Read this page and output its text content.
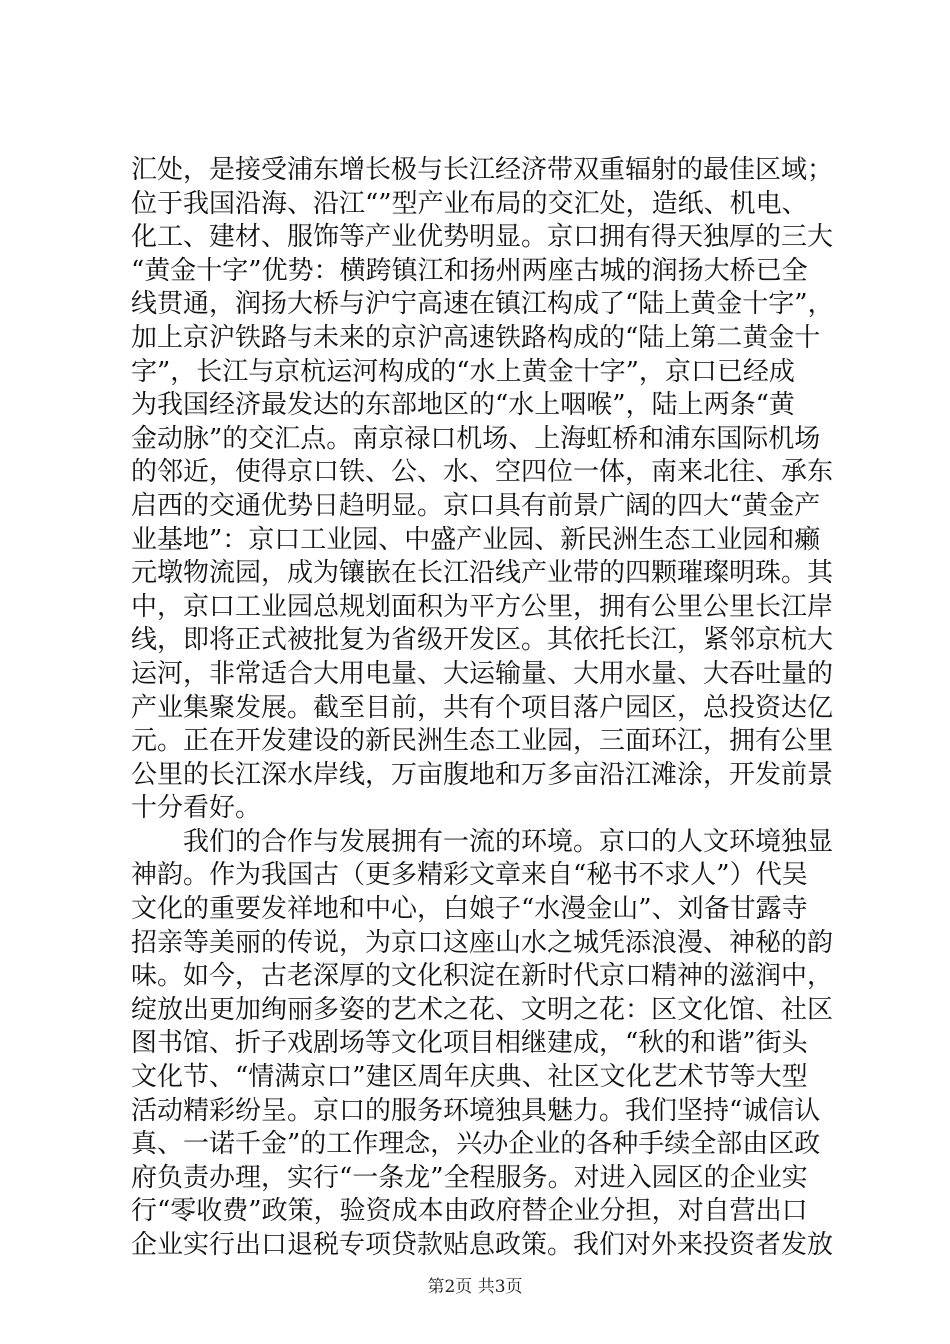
汇处，是接受浦东增长极与长江经济带双重辐射的最佳区域；
位于我国沿海、沿江“”型产业布局的交汇处，造纸、机电、
化工、建材、服饰等产业优势明显。京口拥有得天独厚的三大
“黄金十字”优势：横跨镇江和扬州两座古城的润扬大桥已全
线贯通，润扬大桥与沪宁高速在镇江构成了“陆上黄金十字”，
加上京沪铁路与未来的京沪高速铁路构成的“陆上第二黄金十
字”，长江与京杭运河构成的“水上黄金十字”，京口已经成
为我国经济最发达的东部地区的“水上咽喉”，陆上两条“黄
金动脉”的交汇点。南京禄口机场、上海虹桥和浦东国际机场
的邻近，使得京口铁、公、水、空四位一体，南来北往、承东
启西的交通优势日趋明显。京口具有前景广阔的四大“黄金产
业基地”：京口工业园、中盛产业园、新民洲生态工业园和癞
元墩物流园，成为镶嵌在长江沿线产业带的四颗璀璨明珠。其
中，京口工业园总规划面积为平方公里，拥有公里公里长江岸
线，即将正式被批复为省级开发区。其依托长江，紧邻京杭大
运河，非常适合大用电量、大运输量、大用水量、大吞吐量的
产业集聚发展。截至目前，共有个项目落户园区，总投资达亿
元。正在开发建设的新民洲生态工业园，三面环江，拥有公里
公里的长江深水岸线，万亩腹地和万多亩沿江滩涂，开发前景
十分看好。
我们的合作与发展拥有一流的环境。京口的人文环境独显
神韵。作为我国古（更多精彩文章来自“秘书不求人”）代吴
文化的重要发祥地和中心，白娘子“水漫金山”、刘备甘露寺
招亲等美丽的传说，为京口这座山水之城凭添浪漫、神秘的韵
味。如今，古老深厚的文化积淀在新时代京口精神的滋润中，
绽放出更加绚丽多姿的艺术之花、文明之花：区文化馆、社区
图书馆、折子戏剧场等文化项目相继建成，“秋的和谐”街头
文化节、“情满京口”建区周年庆典、社区文化艺术节等大型
活动精彩纷呈。京口的服务环境独具魅力。我们坚持“诚信认
真、一诺千金”的工作理念，兴办企业的各种手续全部由区政
府负责办理，实行“一条龙”全程服务。对进入园区的企业实
行“零收费”政策，验资成本由政府替企业分担，对自营出口
企业实行出口退税专项贷款贴息政策。我们对外来投资者发放
第2页 共3页
